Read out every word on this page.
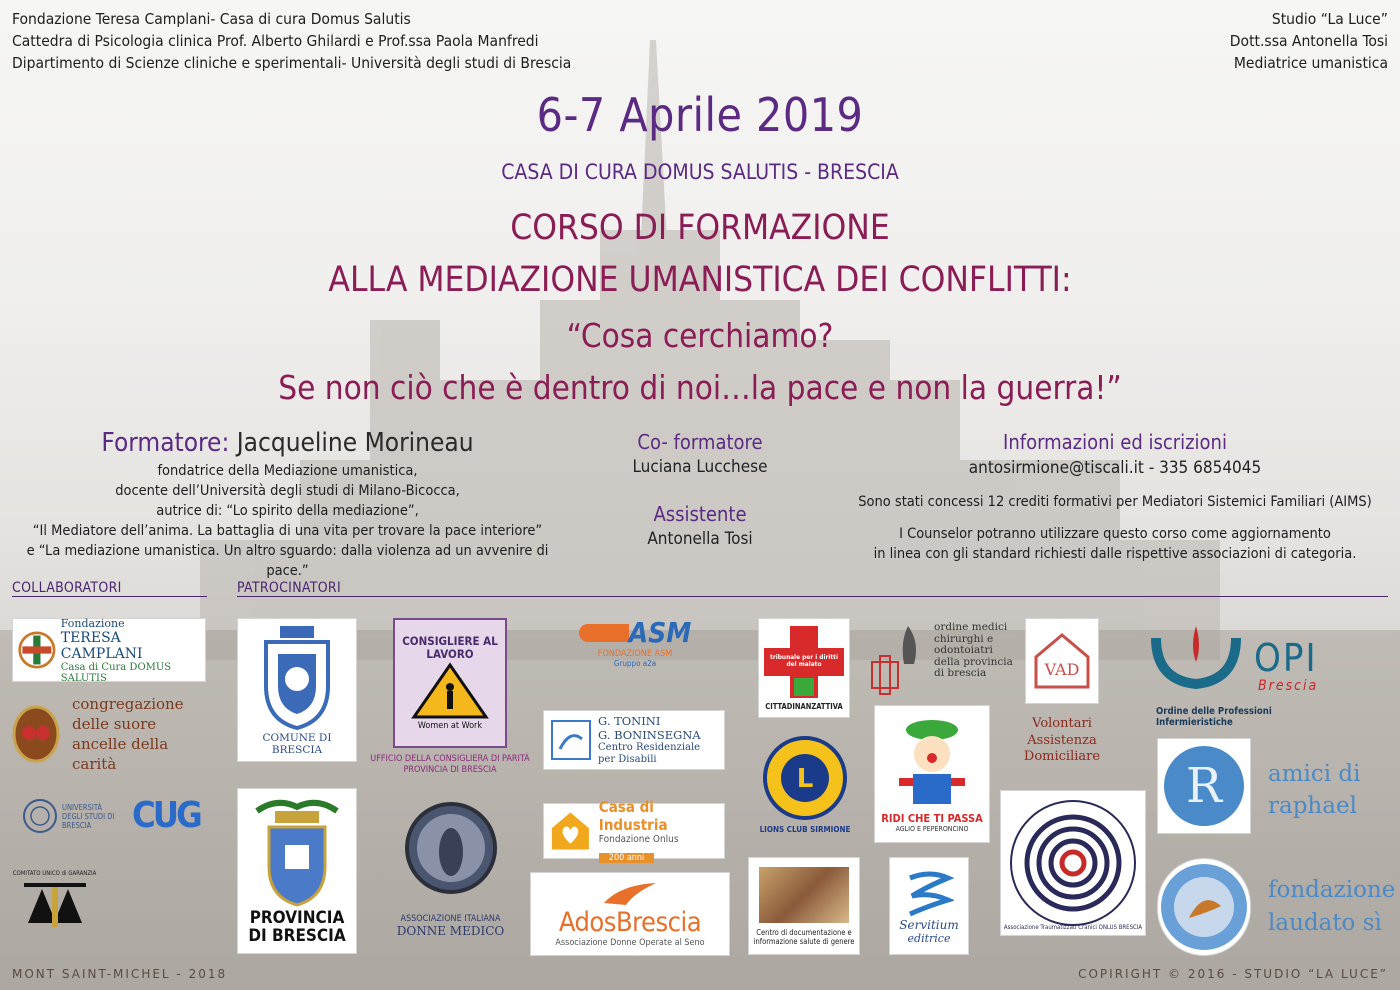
Fondazione Teresa Camplani- Casa di cura Domus Salutis
Cattedra di Psicologia clinica Prof. Alberto Ghilardi e Prof.ssa Paola Manfredi
Dipartimento di Scienze cliniche e sperimentali- Università degli studi di Brescia
Studio “La Luce”
Dott.ssa Antonella Tosi
Mediatrice umanistica
6-7 Aprile 2019
CASA DI CURA DOMUS SALUTIS - BRESCIA
CORSO DI FORMAZIONE
ALLA MEDIAZIONE UMANISTICA DEI CONFLITTI:
“Cosa cerchiamo?
Se non ciò che è dentro di noi…la pace e non la guerra!”
Formatore: Jacqueline Morineau
fondatrice della Mediazione umanistica,
docente dell’Università degli studi di Milano-Bicocca,
autrice di: “Lo spirito della mediazione”,
“Il Mediatore dell’anima. La battaglia di una vita per trovare la pace interiore”
e “La mediazione umanistica. Un altro sguardo: dalla violenza ad un avvenire di pace.”
Co- formatore
Luciana Lucchese
Assistente
Antonella Tosi
Informazioni ed iscrizioni
antosirmione@tiscali.it - 335 6854045
Sono stati concessi 12 crediti formativi per Mediatori Sistemici Familiari (AIMS)
I Counselor potranno utilizzare questo corso come aggiornamento
in linea con gli standard richiesti dalle rispettive associazioni di categoria.
COLLABORATORI	PATROCINATORI
Fondazione
TERESA CAMPLANI
Casa di Cura DOMUS SALUTIS
congregazione delle suore ancelle della carità
UNIVERSITÀ DEGLI STUDI DI BRESCIA	CUG
COMITATO UNICO di GARANZIA
COMUNE DI BRESCIA
PROVINCIA DI BRESCIA
CONSIGLIERE AL LAVORO
Women at Work
UFFICIO DELLA CONSIGLIERA DI PARITÀ PROVINCIA DI BRESCIA
ASSOCIAZIONE ITALIANA
DONNE MEDICO
ASM
FONDAZIONE ASM
Gruppo a2a
G. TONINI
G. BONINSEGNA
Centro Residenziale per Disabili
Casa di Industria
Fondazione Onlus
200 anni
AdosBrescia
Associazione Donne Operate al Seno
tribunale per i diritti del malato
CITTADINANZATTIVA
L
LIONS CLUB SIRMIONE
Centro di documentazione e informazione salute di genere
ordine medici chirurghi e odontoiatri della provincia di brescia
RIDI CHE TI PASSA
AGLIO E PEPERONCINO
Servitium
editrice
VAD
Volontari Assistenza Domiciliare
Associazione Traumatizzati Cranici ONLUS BRESCIA
OPI
Brescia
Ordine delle Professioni Infermieristiche
R amici di raphael
fondazione laudato sì
MONT SAINT-MICHEL - 2018	COPIRIGHT © 2016 - STUDIO “LA LUCE”
